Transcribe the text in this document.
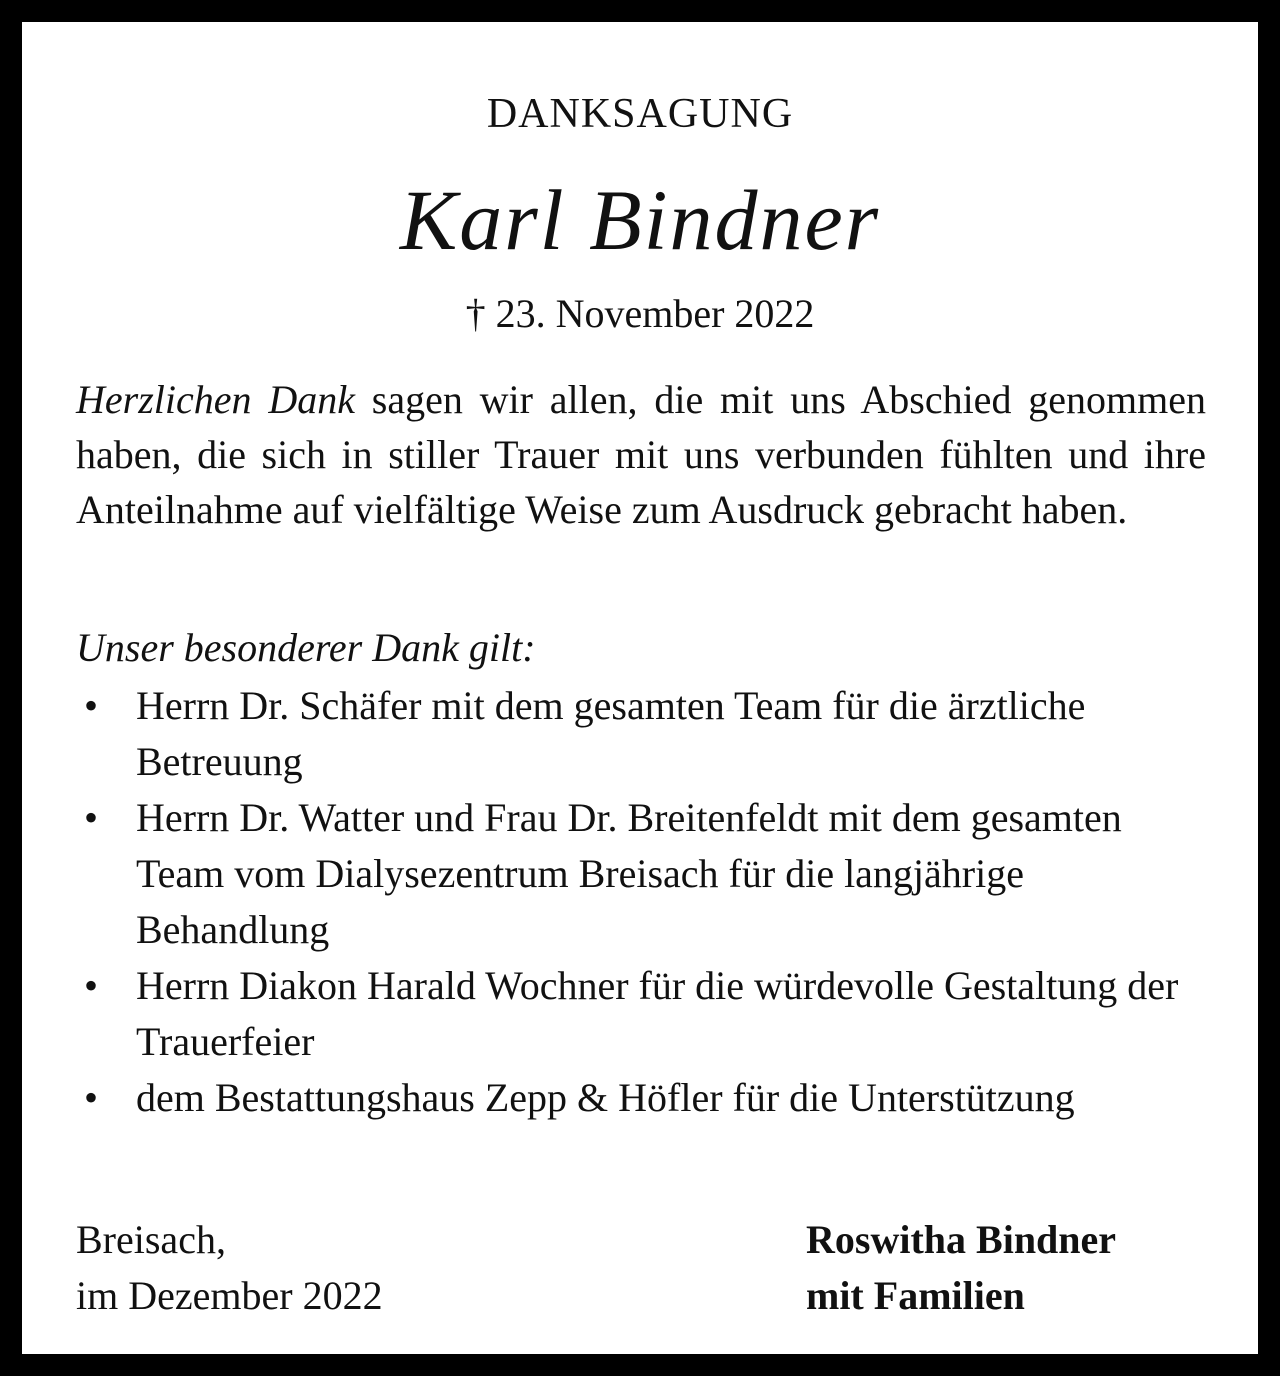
DANKSAGUNG
Karl Bindner
† 23. November 2022

Herzlichen Dank sagen wir allen, die mit uns Abschied genommen haben, die sich in stiller Trauer mit uns verbunden fühlten und ihre Anteilnahme auf vielfältige Weise zum Ausdruck gebracht haben.

Unser besonderer Dank gilt:
• Herrn Dr. Schäfer mit dem gesamten Team für die ärztliche Betreuung
• Herrn Dr. Watter und Frau Dr. Breitenfeldt mit dem gesamten Team vom Dialysezentrum Breisach für die langjährige Behandlung
• Herrn Diakon Harald Wochner für die würdevolle Gestaltung der Trauerfeier
• dem Bestattungshaus Zepp & Höfler für die Unterstützung
Breisach,
im Dezember 2022
Roswitha Bindner
mit Familien
